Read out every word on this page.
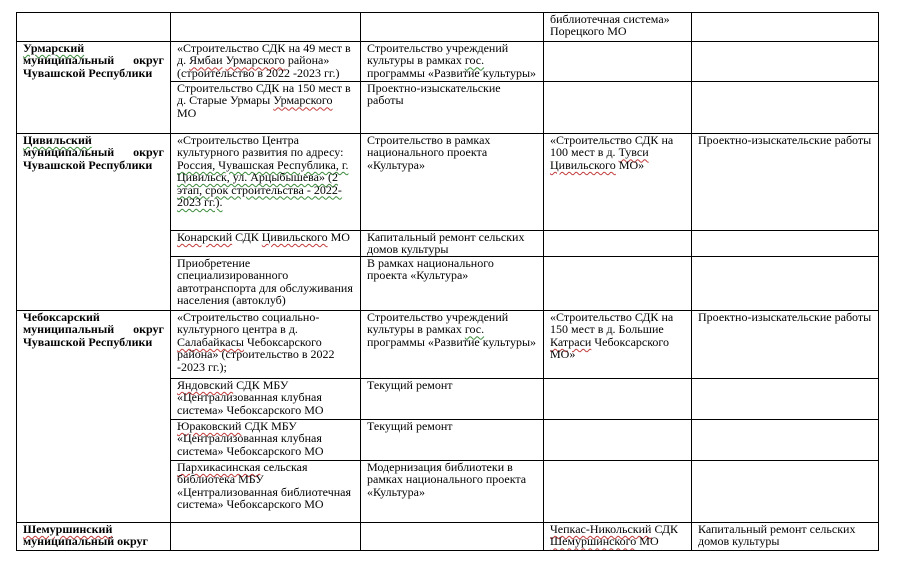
			библиотечная система» Порецкого МО	
Урмарский муниципальный округ Чувашской Республики	«Строительство СДК на 49 мест в д. Ямбаи Урмарского района» (строительство в 2022 -2023 гг.)	Строительство учреждений культуры в рамках гос. программы «Развитие культуры»		
	Строительство СДК на 150 мест в д. Старые Урмары Урмарского МО	Проектно-изыскательские работы		
Цивильский муниципальный округ Чувашской Республики	«Строительство Центра культурного развития по адресу: Россия, Чувашская Республика, г. Цивильск, ул. Арцыбышева» (2 этап, срок строительства - 2022-2023 гг.).	Строительство в рамках национального проекта «Культура»	«Строительство СДК на 100 мест в д. Тувси Цивильского МО»	Проектно-изыскательские работы
	Конарский СДК Цивильского МО	Капитальный ремонт сельских домов культуры		
	Приобретение специализированного автотранспорта для обслуживания населения (автоклуб)	В рамках национального проекта «Культура»		
Чебоксарский муниципальный округ Чувашской Республики	«Строительство социально-культурного центра в д. Салабайкасы Чебоксарского района» (строительство в 2022 -2023 гг.);	Строительство учреждений культуры в рамках гос. программы «Развитие культуры»	«Строительство СДК на 150 мест в д. Большие Катраси Чебоксарского МО»	Проектно-изыскательские работы
	Яндовский СДК МБУ «Централизованная клубная система» Чебоксарского МО	Текущий ремонт		
	Юраковский СДК МБУ «Централизованная клубная система» Чебоксарского МО	Текущий ремонт		
	Пархикасинская сельская библиотека МБУ «Централизованная библиотечная система» Чебоксарского МО	Модернизация библиотеки в рамках национального проекта «Культура»		
Шемуршинский муниципальный округ			Чепкас-Никольский СДК Шемуршинского МО	Капитальный ремонт сельских домов культуры
